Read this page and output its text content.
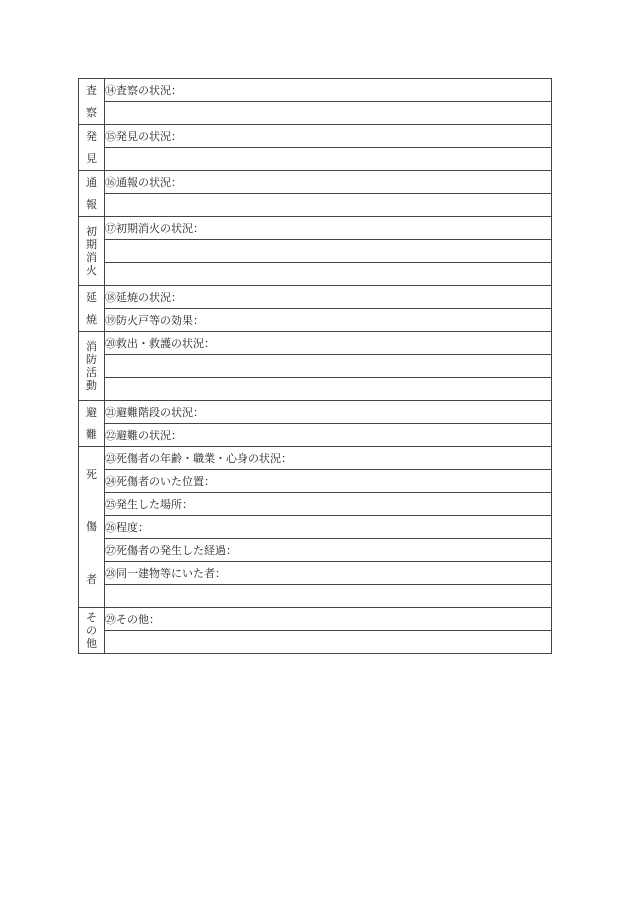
査
察	⑭査察の状況：

発
見	⑮発見の状況：

通
報	⑯通報の状況：

初
期
消
火	⑰初期消火の状況：

延
焼	⑱延焼の状況：
	⑲防火戸等の効果：

消
防
活
動	⑳救出・救護の状況：

避
難	㉑避難階段の状況：
	㉒避難の状況：

死
傷
者	㉓死傷者の年齢・職業・心身の状況：
	㉔死傷者のいた位置：
	㉕発生した場所：
	㉖程度：
	㉗死傷者の発生した経過：
	㉘同一建物等にいた者：

そ
の
他	㉙その他：
